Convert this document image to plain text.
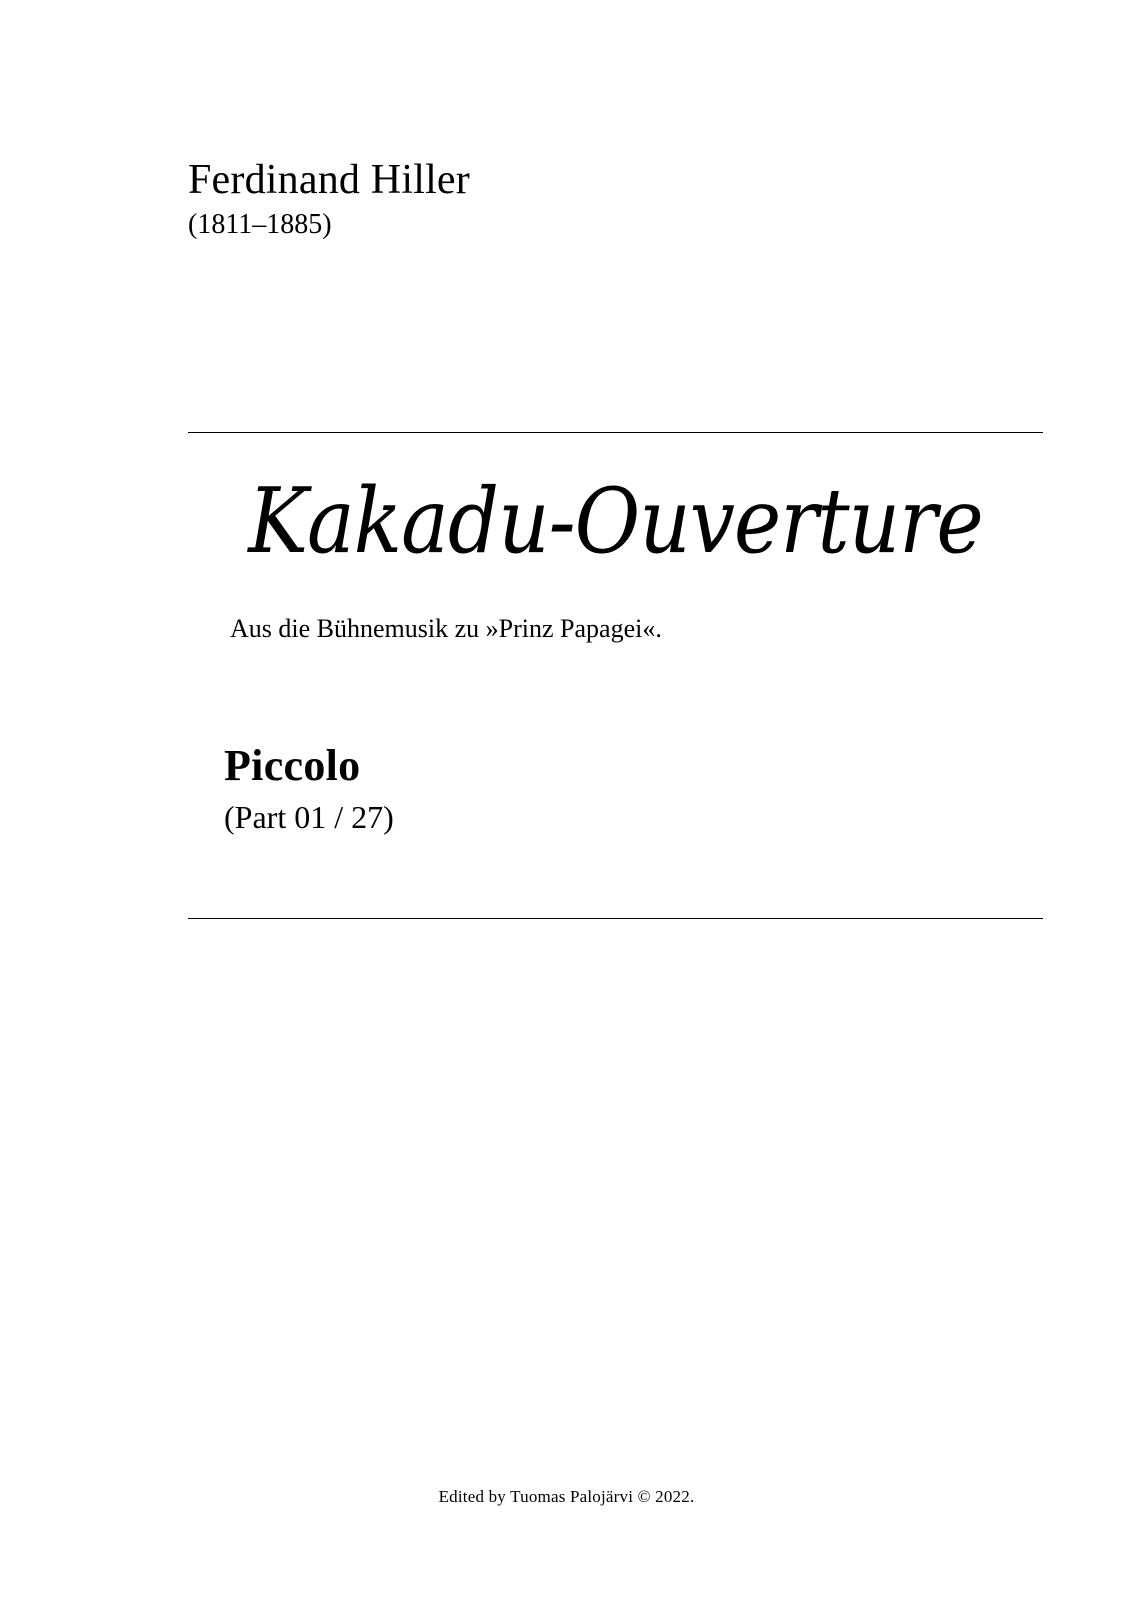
Ferdinand Hiller
(1811–1885)
Kakadu-Ouverture
Aus die Bühnemusik zu »Prinz Papagei«.
Piccolo
(Part 01 / 27)
Edited by Tuomas Palojärvi © 2022.
